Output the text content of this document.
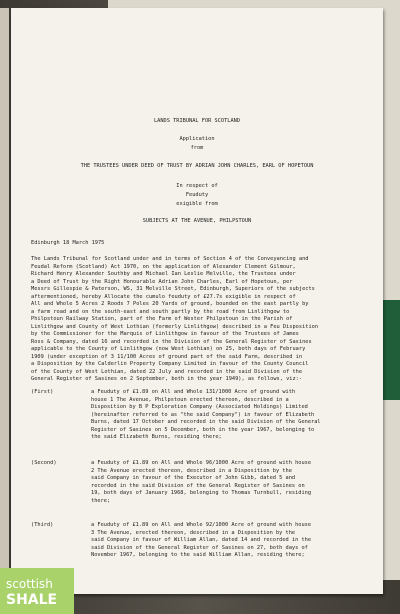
LANDS TRIBUNAL FOR SCOTLAND
Application
from
THE TRUSTEES UNDER DEED OF TRUST BY ADRIAN JOHN CHARLES, EARL OF HOPETOUN
In respect of
Feuduty
exigible from
SUBJECTS AT THE AVENUE, PHILPSTOUN
Edinburgh 18 March 1975
The Lands Tribunal for Scotland under and in terms of Section 4 of the Conveyancing and
Feudal Reform (Scotland) Act 1970, on the application of Alexander Clement Gilmour,
Richard Henry Alexander Southby and Michael Ian Leslie Melville, the Trustees under
a Deed of Trust by the Right Honourable Adrian John Charles, Earl of Hopetoun, per
Messrs Gillespie & Paterson, WS, 31 Melville Street, Edinburgh, Superiors of the subjects
aftermentioned, hereby Allocate the cumulo feuduty of £27.7s exigible in respect of
All and Whole 5 Acres 2 Roods 7 Poles 20 Yards of ground, bounded on the east partly by
a farm road and on the south-east and south partly by the road from Linlithgow to
Philpstoun Railway Station, part of the Farm of Wester Philpstoun in the Parish of
Linlithgow and County of West Lothian (formerly Linlithgow) described in a Feu Disposition
by the Commissioner for the Marquis of Linlithgow in favour of the Trustees of James
Ross & Company, dated 16 and recorded in the Division of the General Register of Sasines
applicable to the County of Linlithgow (now West Lothian) on 25, both days of February
1909 (under exception of 3 11/100 Acres of ground part of the said Farm, described in
a Disposition by the Calderlin Property Company Limited in favour of the County Council
of the County of West Lothian, dated 22 July and recorded in the said Division of the
General Register of Sasines on 2 September, both in the year 1949), as follows, viz:-
(First)	a Feuduty of £1.89 on All and Whole 131/1000 Acre of ground with
house 1 The Avenue, Philpstoun erected thereon, described in a
Disposition by B P Exploration Company (Associated Holdings) Limited
(hereinafter referred to as "the said Company") in favour of Elizabeth
Burns, dated 17 October and recorded in the said Division of the General
Register of Sasines on 5 December, both in the year 1967, belonging to
the said Elizabeth Burns, residing there;
(Second)	a Feuduty of £1.89 on All and Whole 96/1000 Acre of ground with house
2 The Avenue erected thereon, described in a Disposition by the
said Company in favour of the Executor of John Gibb, dated 5 and
recorded in the said Division of the General Register of Sasines on
19, both days of January 1968, belonging to Thomas Turnbull, residing
there;
(Third)	a Feuduty of £1.89 on All and Whole 92/1000 Acre of ground with house
3 The Avenue, erected thereon, described in a Disposition by the
said Company in favour of William Allan, dated 14 and recorded in the
said Division of the General Register of Sasines on 27, both days of
November 1967, belonging to the said William Allan, residing there;
scottish
SHALE
